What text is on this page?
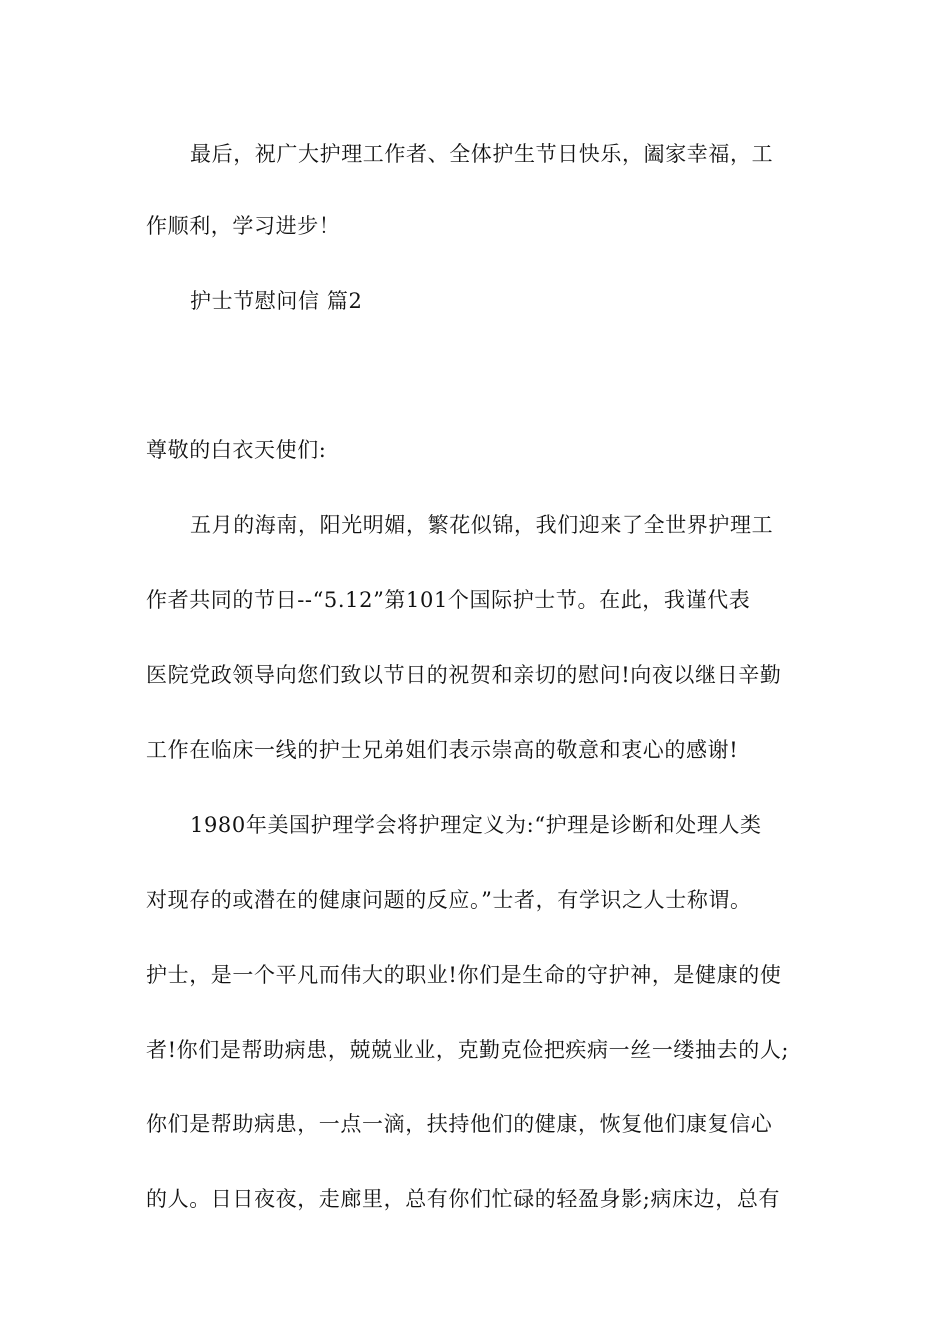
最后，祝广大护理工作者、全体护生节日快乐，阖家幸福，工
作顺利，学习进步！
护士节慰问信 篇2
尊敬的白衣天使们:
五月的海南，阳光明媚，繁花似锦，我们迎来了全世界护理工
作者共同的节日--“5.12”第101个国际护士节。在此，我谨代表
医院党政领导向您们致以节日的祝贺和亲切的慰问!向夜以继日辛勤
工作在临床一线的护士兄弟姐们表示崇高的敬意和衷心的感谢!
1980年美国护理学会将护理定义为:“护理是诊断和处理人类
对现存的或潜在的健康问题的反应。”士者，有学识之人士称谓。
护士，是一个平凡而伟大的职业!你们是生命的守护神，是健康的使
者!你们是帮助病患，兢兢业业，克勤克俭把疾病一丝一缕抽去的人;
你们是帮助病患，一点一滴，扶持他们的健康，恢复他们康复信心
的人。日日夜夜，走廊里，总有你们忙碌的轻盈身影;病床边，总有
